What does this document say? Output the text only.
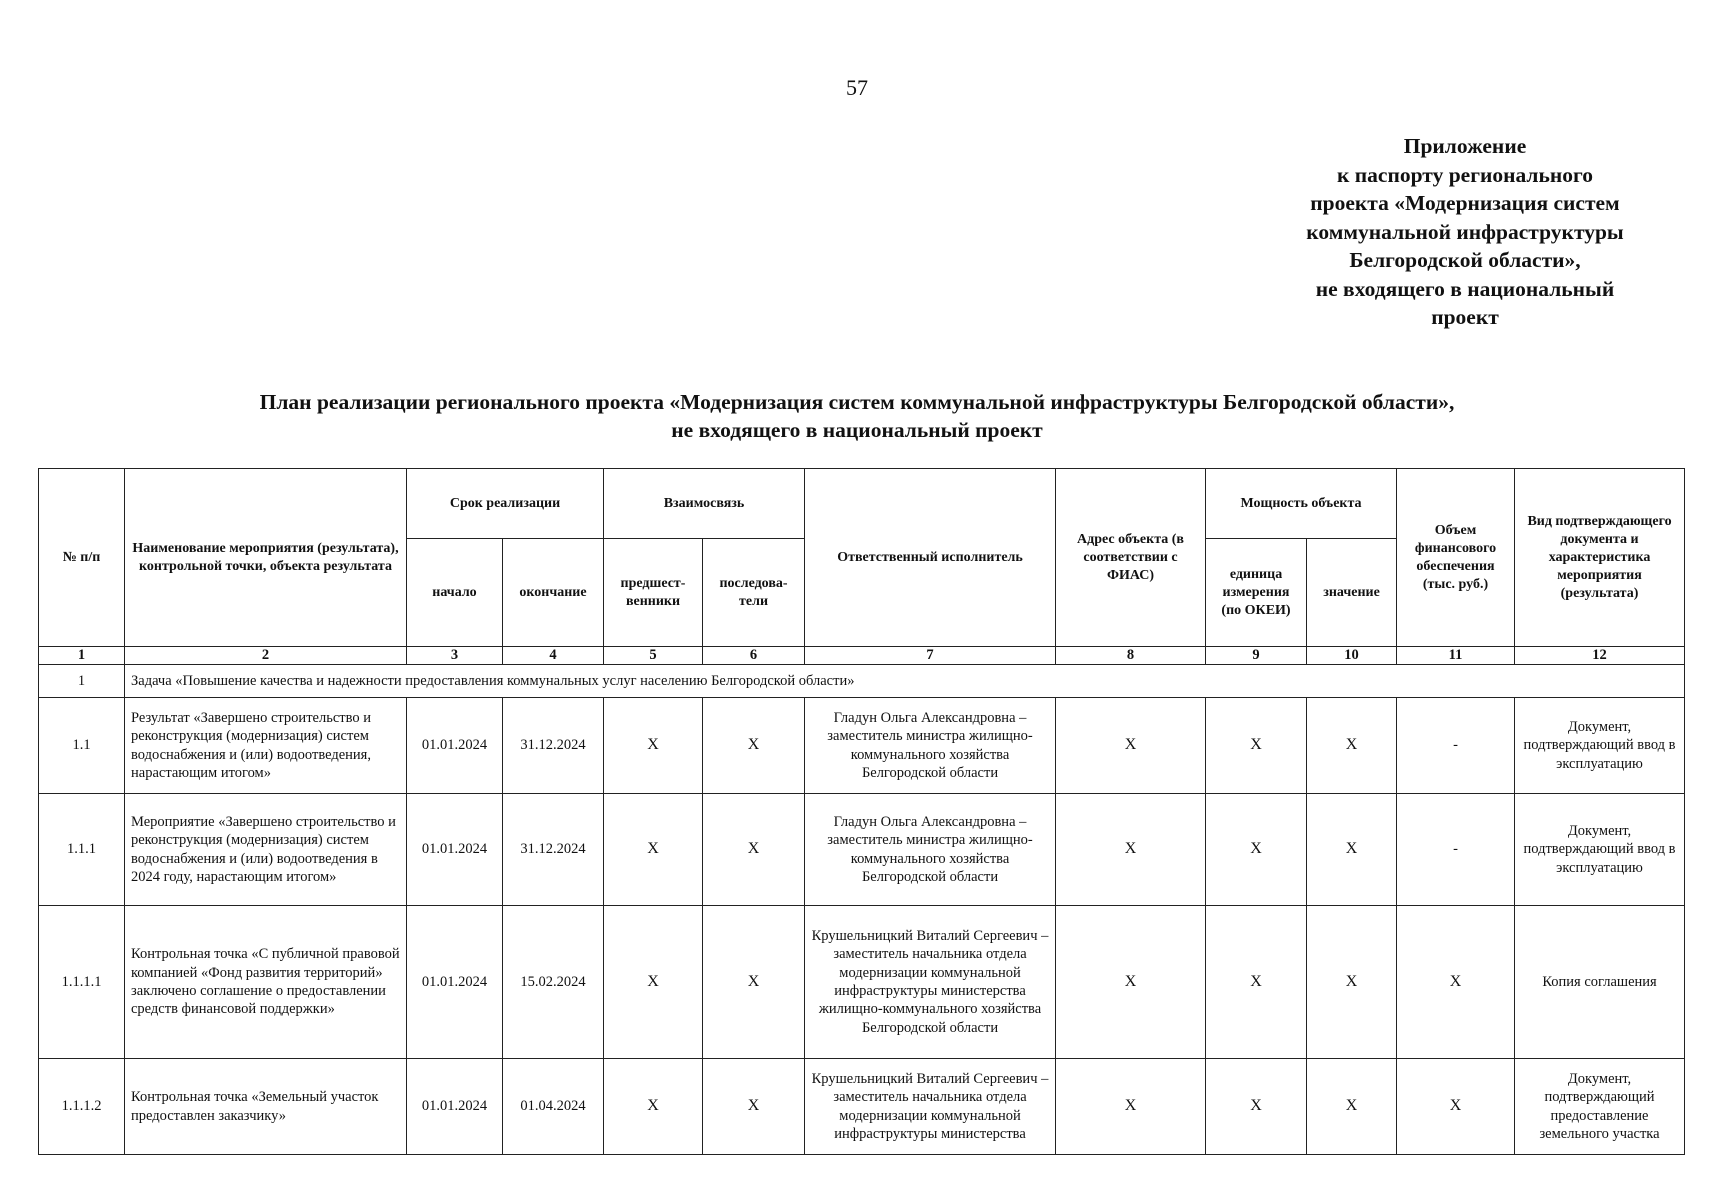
57
Приложение
к паспорту регионального
проекта «Модернизация систем
коммунальной инфраструктуры
Белгородской области»,
не входящего в национальный
проект
План реализации регионального проекта «Модернизация систем коммунальной инфраструктуры Белгородской области»,
не входящего в национальный проект
№ п/п	Наименование мероприятия (результата), контрольной точки, объекта результата	Срок реализации		Взаимосвязь		Ответственный исполнитель	Адрес объекта (в соответствии с ФИАС)	Мощность объекта		Объем финансового обеспечения (тыс. руб.)	Вид подтверждающего документа и характеристика мероприятия (результата)
		начало	окончание	предшест-венники	последова-тели			единица измерения (по ОКЕИ)	значение		
1	2	3	4	5	6	7	8	9	10	11	12
1	Задача «Повышение качества и надежности предоставления коммунальных услуг населению Белгородской области»										
1.1	Результат «Завершено строительство и реконструкция (модернизация) систем водоснабжения и (или) водоотведения, нарастающим итогом»	01.01.2024	31.12.2024	Х	Х	Гладун Ольга Александровна – заместитель министра жилищно-коммунального хозяйства Белгородской области	Х	Х	Х	-	Документ, подтверждающий ввод в эксплуатацию
1.1.1	Мероприятие «Завершено строительство и реконструкция (модернизация) систем водоснабжения и (или) водоотведения в 2024 году, нарастающим итогом»	01.01.2024	31.12.2024	Х	Х	Гладун Ольга Александровна – заместитель министра жилищно-коммунального хозяйства Белгородской области	Х	Х	Х	-	Документ, подтверждающий ввод в эксплуатацию
1.1.1.1	Контрольная точка «С публичной правовой компанией «Фонд развития территорий» заключено соглашение о предоставлении средств финансовой поддержки»	01.01.2024	15.02.2024	Х	Х	Крушельницкий Виталий Сергеевич – заместитель начальника отдела модернизации коммунальной инфраструктуры министерства жилищно-коммунального хозяйства Белгородской области	Х	Х	Х	Х	Копия соглашения
1.1.1.2	Контрольная точка «Земельный участок предоставлен заказчику»	01.01.2024	01.04.2024	Х	Х	Крушельницкий Виталий Сергеевич – заместитель начальника отдела модернизации коммунальной инфраструктуры министерства	Х	Х	Х	Х	Документ, подтверждающий предоставление земельного участка
